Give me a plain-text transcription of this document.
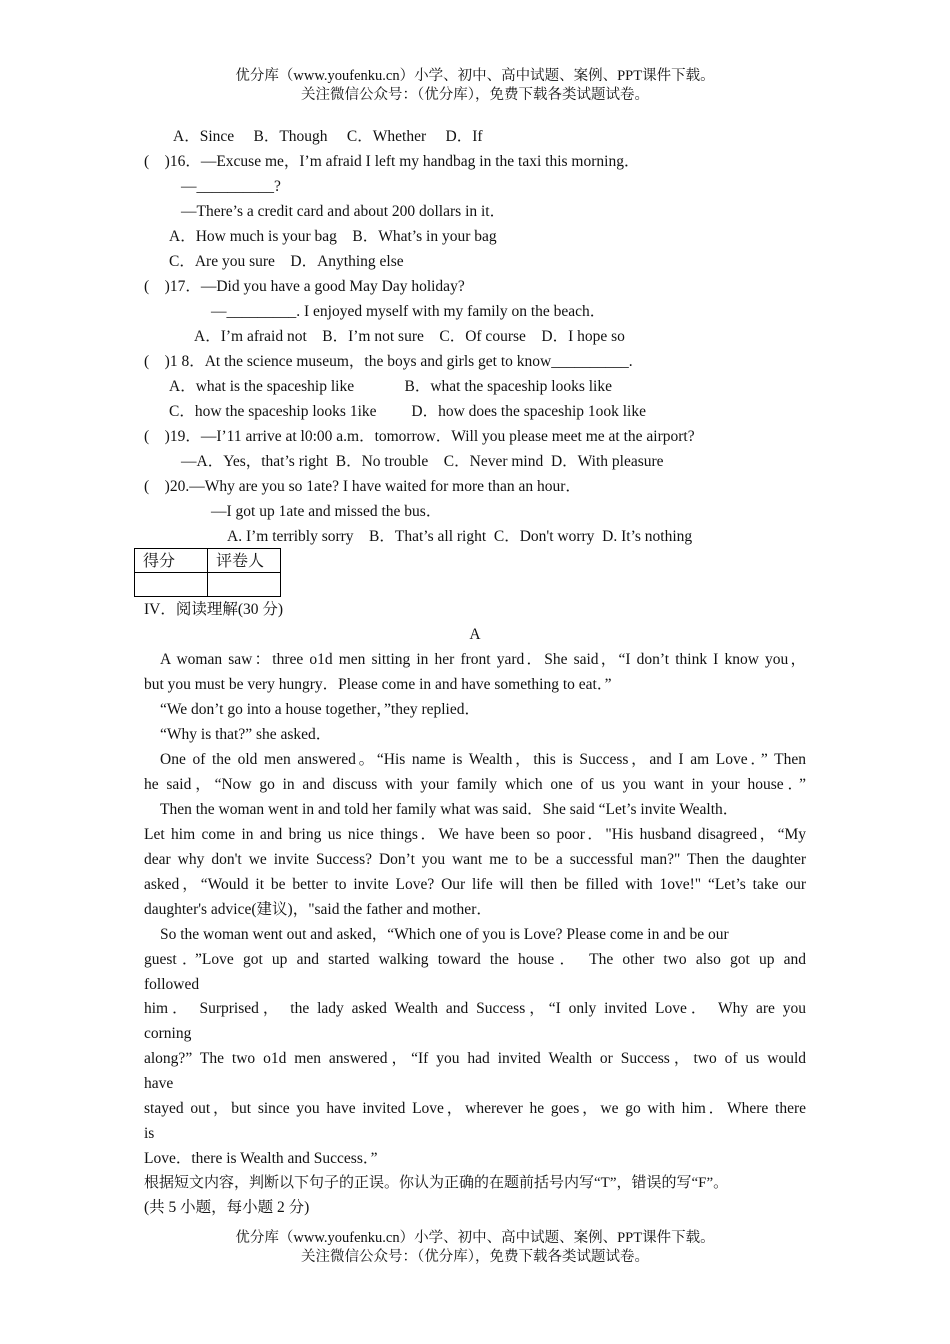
优分库（www.youfenku.cn）小学、初中、高中试题、案例、PPT课件下载。
关注微信公众号：（优分库），免费下载各类试题试卷。
A．Since     B．Though     C．Whether     D．If
(    )16．—Excuse me，I’m afraid I left my handbag in the taxi this morning．
—__________?
—There’s a credit card and about 200 dollars in it．
A．How much is your bag    B．What’s in your bag
C．Are you sure    D．Anything else
(    )17．—Did you have a good May Day holiday?
—_________. I enjoyed myself with my family on the beach．
A．I’m afraid not    B．I’m not sure    C．Of course    D．I hope so
(    )1 8．At the science museum，the boys and girls get to know__________.
A．what is the spaceship like             B．what the spaceship looks like
C．how the spaceship looks 1ike         D．how does the spaceship 1ook like
(    )19．—I’11 arrive at l0:00 a.m．tomorrow．Will you please meet me at the airport?
—A．Yes，that’s right  B．No trouble    C．Never mind  D．With pleasure
(    )20.—Why are you so 1ate? I have waited for more than an hour．
—I got up 1ate and missed the bus．
A. I’m terribly sorry    B．That’s all right  C．Don't worry  D. It’s nothing
得分	评卷人

IV．阅读理解(30 分)
A
A woman saw：three o1d men sitting in her front yard．She said，“I don’t think I know you，
but you must be very hungry．Please come in and have something to eat．”
“We don’t go into a house together，”they replied．
“Why is that?” she asked．
One of the old men answered。“His name is Wealth，this is Success，and I am Love．” Then
he said，“Now go in and discuss with your family which one of us you want in your house．”
Then the woman went in and told her family what was said．She said “Let’s invite Wealth．
Let him come in and bring us nice things．We have been so poor．"His husband disagreed，“My
dear why don't we invite Success? Don’t you want me to be a successful man?" Then the daughter
asked，“Would it be better to invite Love? Our life will then be filled with 1ove!" “Let’s take our
daughter's advice(建议)，"said the father and mother．
So the woman went out and asked，“Which one of you is Love? Please come in and be our
guest．”Love got up and started walking toward the house． The other two also got up and
followed
him． Surprised， the lady asked Wealth and Success，“I only invited Love． Why are you
corning
along?” The two o1d men answered，“If you had invited Wealth or Success，two of us would
have
stayed out，but since you have invited Love，wherever he goes，we go with him．Where there
is
Love．there is Wealth and Success．”
根据短文内容，判断以下句子的正误。你认为正确的在题前括号内写“T”，错误的写“F”。
(共 5 小题，每小题 2 分)
优分库（www.youfenku.cn）小学、初中、高中试题、案例、PPT课件下载。
关注微信公众号：（优分库），免费下载各类试题试卷。
